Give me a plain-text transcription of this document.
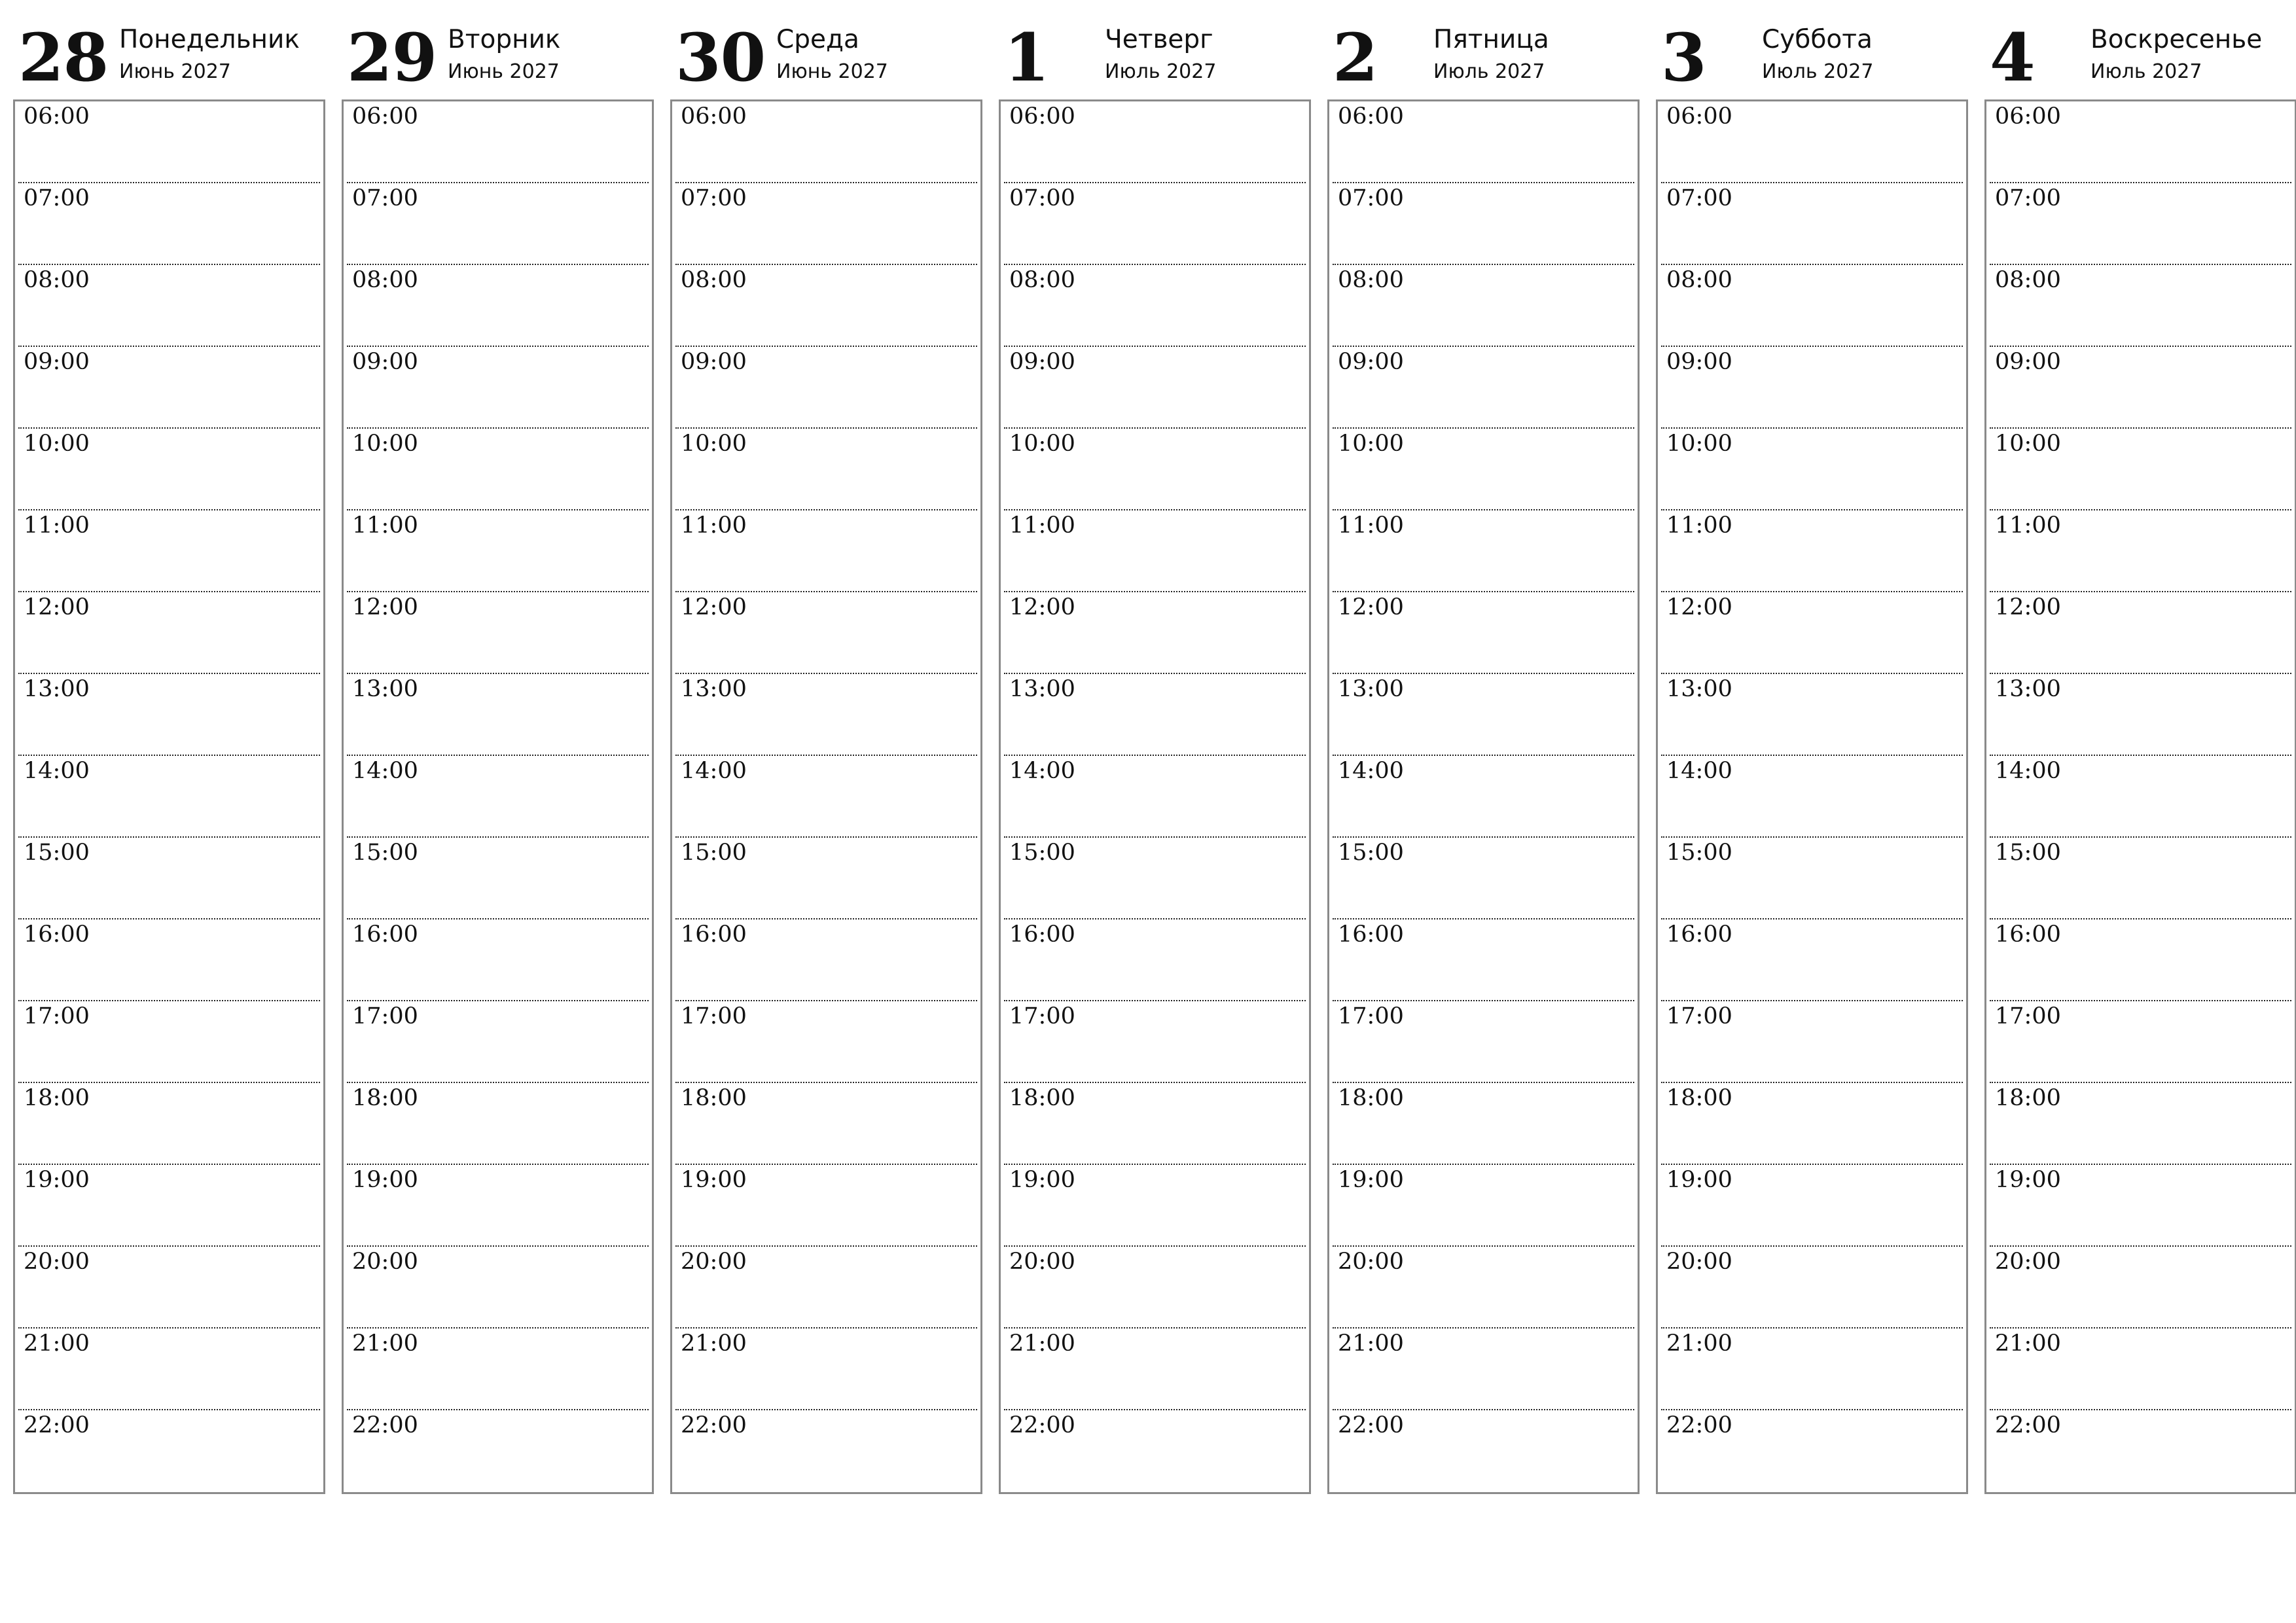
28 Понедельник
Июнь 2027
06:00
07:00
08:00
09:00
10:00
11:00
12:00
13:00
14:00
15:00
16:00
17:00
18:00
19:00
20:00
21:00
22:00
29 Вторник
Июнь 2027
06:00
07:00
08:00
09:00
10:00
11:00
12:00
13:00
14:00
15:00
16:00
17:00
18:00
19:00
20:00
21:00
22:00
30 Среда
Июнь 2027
06:00
07:00
08:00
09:00
10:00
11:00
12:00
13:00
14:00
15:00
16:00
17:00
18:00
19:00
20:00
21:00
22:00
1 Четверг
Июль 2027
06:00
07:00
08:00
09:00
10:00
11:00
12:00
13:00
14:00
15:00
16:00
17:00
18:00
19:00
20:00
21:00
22:00
2 Пятница
Июль 2027
06:00
07:00
08:00
09:00
10:00
11:00
12:00
13:00
14:00
15:00
16:00
17:00
18:00
19:00
20:00
21:00
22:00
3 Суббота
Июль 2027
06:00
07:00
08:00
09:00
10:00
11:00
12:00
13:00
14:00
15:00
16:00
17:00
18:00
19:00
20:00
21:00
22:00
4 Воскресенье
Июль 2027
06:00
07:00
08:00
09:00
10:00
11:00
12:00
13:00
14:00
15:00
16:00
17:00
18:00
19:00
20:00
21:00
22:00
